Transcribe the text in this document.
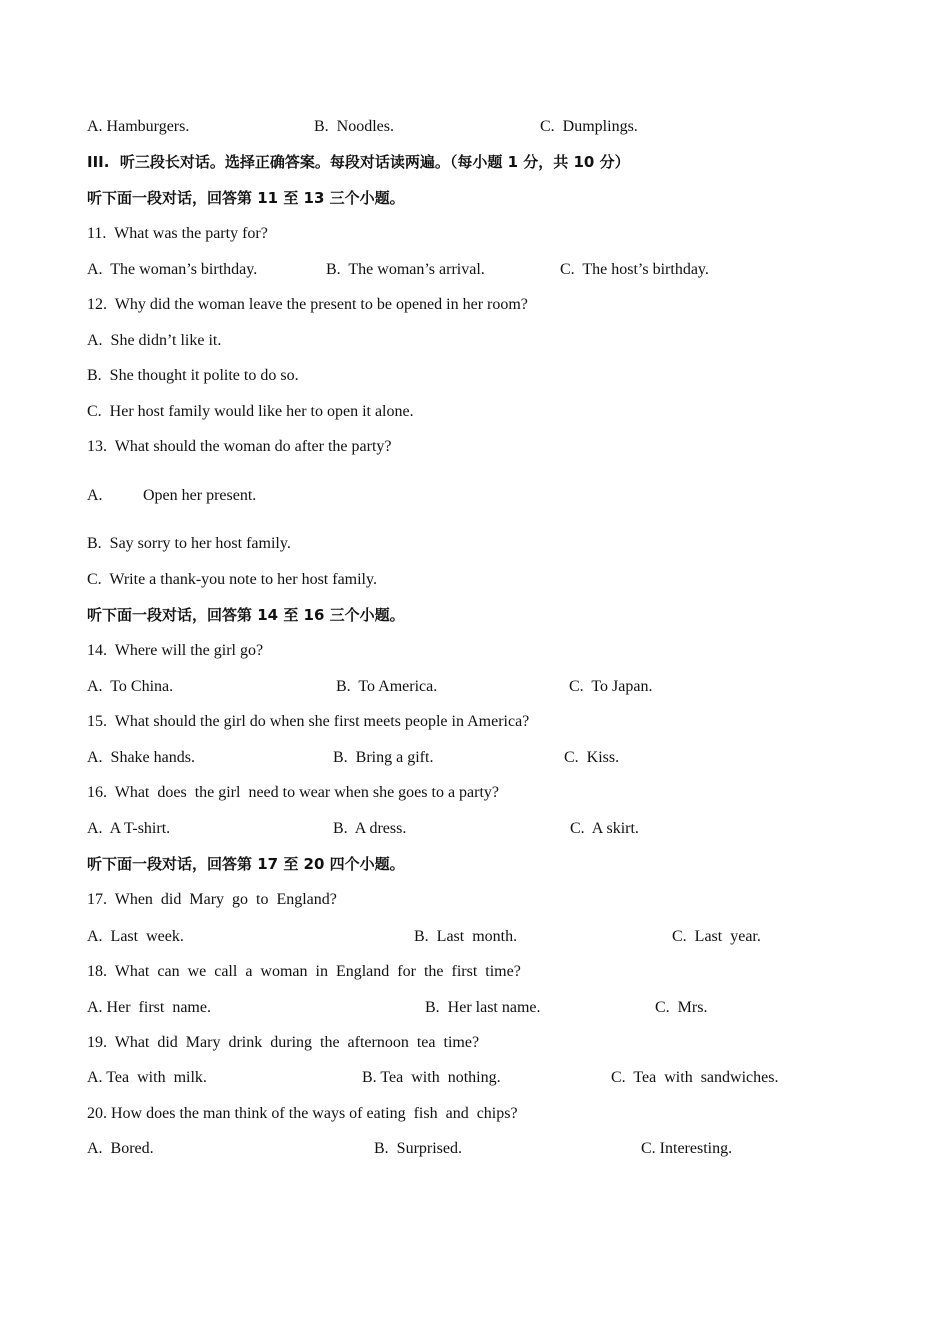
A. Hamburgers.	B.  Noodles.	C.  Dumplings.
III.  听三段长对话。选择正确答案。每段对话读两遍。（每小题 1 分，共 10 分）
听下面一段对话，回答第 11 至 13 三个小题。
11.  What was the party for?
A.  The woman’s birthday.	B.  The woman’s arrival.	C.  The host’s birthday.
12.  Why did the woman leave the present to be opened in her room?
A.  She didn’t like it.
B.  She thought it polite to do so.
C.  Her host family would like her to open it alone.
13.  What should the woman do after the party?
A.	Open her present.
B.  Say sorry to her host family.
C.  Write a thank-you note to her host family.
听下面一段对话，回答第 14 至 16 三个小题。
14.  Where will the girl go?
A.  To China.	B.  To America.	C.  To Japan.
15.  What should the girl do when she first meets people in America?
A.  Shake hands.	B.  Bring a gift.	C.  Kiss.
16.  What  does  the girl  need to wear when she goes to a party?
A.  A T-shirt.	B.  A dress.	C.  A skirt.
听下面一段对话，回答第 17 至 20 四个小题。
17.  When  did  Mary  go  to  England?
A.  Last  week.	B.  Last  month.	C.  Last  year.
18.  What  can  we  call  a  woman  in  England  for  the  first  time?
A. Her  first  name.	B.  Her last name.	C.  Mrs.
19.  What  did  Mary  drink  during  the  afternoon  tea  time?
A. Tea  with  milk.	B. Tea  with  nothing.	C.  Tea  with  sandwiches.
20. How does the man think of the ways of eating  fish  and  chips?
A.  Bored.	B.  Surprised.	C. Interesting.
